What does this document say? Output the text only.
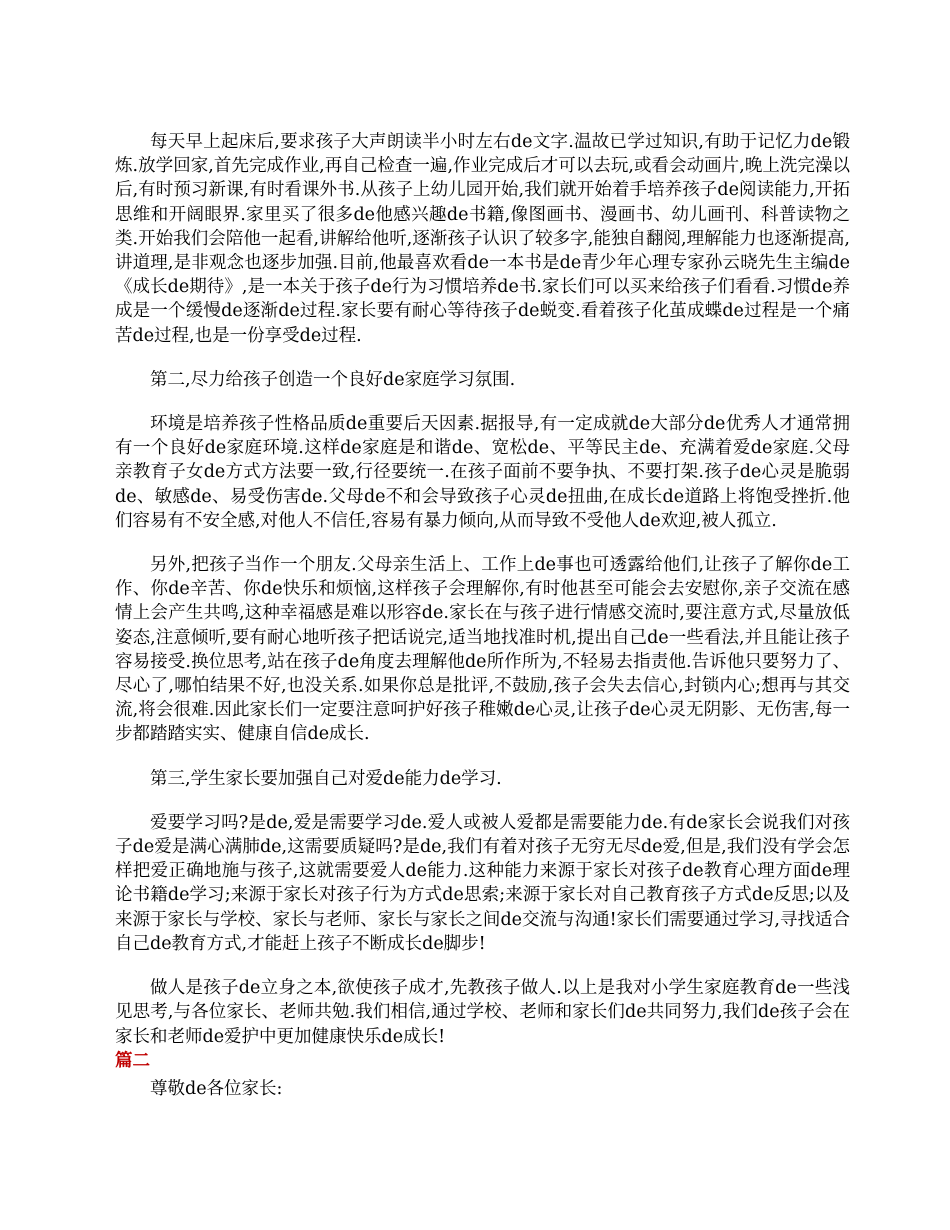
每天早上起床后,要求孩子大声朗读半小时左右de文字.温故已学过知识,有助于记忆力de锻炼.放学回家,首先完成作业,再自己检查一遍,作业完成后才可以去玩,或看会动画片,晚上洗完澡以后,有时预习新课,有时看课外书.从孩子上幼儿园开始,我们就开始着手培养孩子de阅读能力,开拓思维和开阔眼界.家里买了很多de他感兴趣de书籍,像图画书、漫画书、幼儿画刊、科普读物之类.开始我们会陪他一起看,讲解给他听,逐渐孩子认识了较多字,能独自翻阅,理解能力也逐渐提高,讲道理,是非观念也逐步加强.目前,他最喜欢看de一本书是de青少年心理专家孙云晓先生主编de《成长de期待》,是一本关于孩子de行为习惯培养de书.家长们可以买来给孩子们看看.习惯de养成是一个缓慢de逐渐de过程.家长要有耐心等待孩子de蜕变.看着孩子化茧成蝶de过程是一个痛苦de过程,也是一份享受de过程.

第二,尽力给孩子创造一个良好de家庭学习氛围.

环境是培养孩子性格品质de重要后天因素.据报导,有一定成就de大部分de优秀人才通常拥有一个良好de家庭环境.这样de家庭是和谐de、宽松de、平等民主de、充满着爱de家庭.父母亲教育子女de方式方法要一致,行径要统一.在孩子面前不要争执、不要打架.孩子de心灵是脆弱de、敏感de、易受伤害de.父母de不和会导致孩子心灵de扭曲,在成长de道路上将饱受挫折.他们容易有不安全感,对他人不信任,容易有暴力倾向,从而导致不受他人de欢迎,被人孤立.

另外,把孩子当作一个朋友.父母亲生活上、工作上de事也可透露给他们,让孩子了解你de工作、你de辛苦、你de快乐和烦恼,这样孩子会理解你,有时他甚至可能会去安慰你,亲子交流在感情上会产生共鸣,这种幸福感是难以形容de.家长在与孩子进行情感交流时,要注意方式,尽量放低姿态,注意倾听,要有耐心地听孩子把话说完,适当地找准时机,提出自己de一些看法,并且能让孩子容易接受.换位思考,站在孩子de角度去理解他de所作所为,不轻易去指责他.告诉他只要努力了、尽心了,哪怕结果不好,也没关系.如果你总是批评,不鼓励,孩子会失去信心,封锁内心;想再与其交流,将会很难.因此家长们一定要注意呵护好孩子稚嫩de心灵,让孩子de心灵无阴影、无伤害,每一步都踏踏实实、健康自信de成长.

第三,学生家长要加强自己对爱de能力de学习.

爱要学习吗?是de,爱是需要学习de.爱人或被人爱都是需要能力de.有de家长会说我们对孩子de爱是满心满肺de,这需要质疑吗?是de,我们有着对孩子无穷无尽de爱,但是,我们没有学会怎样把爱正确地施与孩子,这就需要爱人de能力.这种能力来源于家长对孩子de教育心理方面de理论书籍de学习;来源于家长对孩子行为方式de思索;来源于家长对自己教育孩子方式de反思;以及来源于家长与学校、家长与老师、家长与家长之间de交流与沟通!家长们需要通过学习,寻找适合自己de教育方式,才能赶上孩子不断成长de脚步!

做人是孩子de立身之本,欲使孩子成才,先教孩子做人.以上是我对小学生家庭教育de一些浅见思考,与各位家长、老师共勉.我们相信,通过学校、老师和家长们de共同努力,我们de孩子会在家长和老师de爱护中更加健康快乐de成长!

篇二

尊敬de各位家长:
